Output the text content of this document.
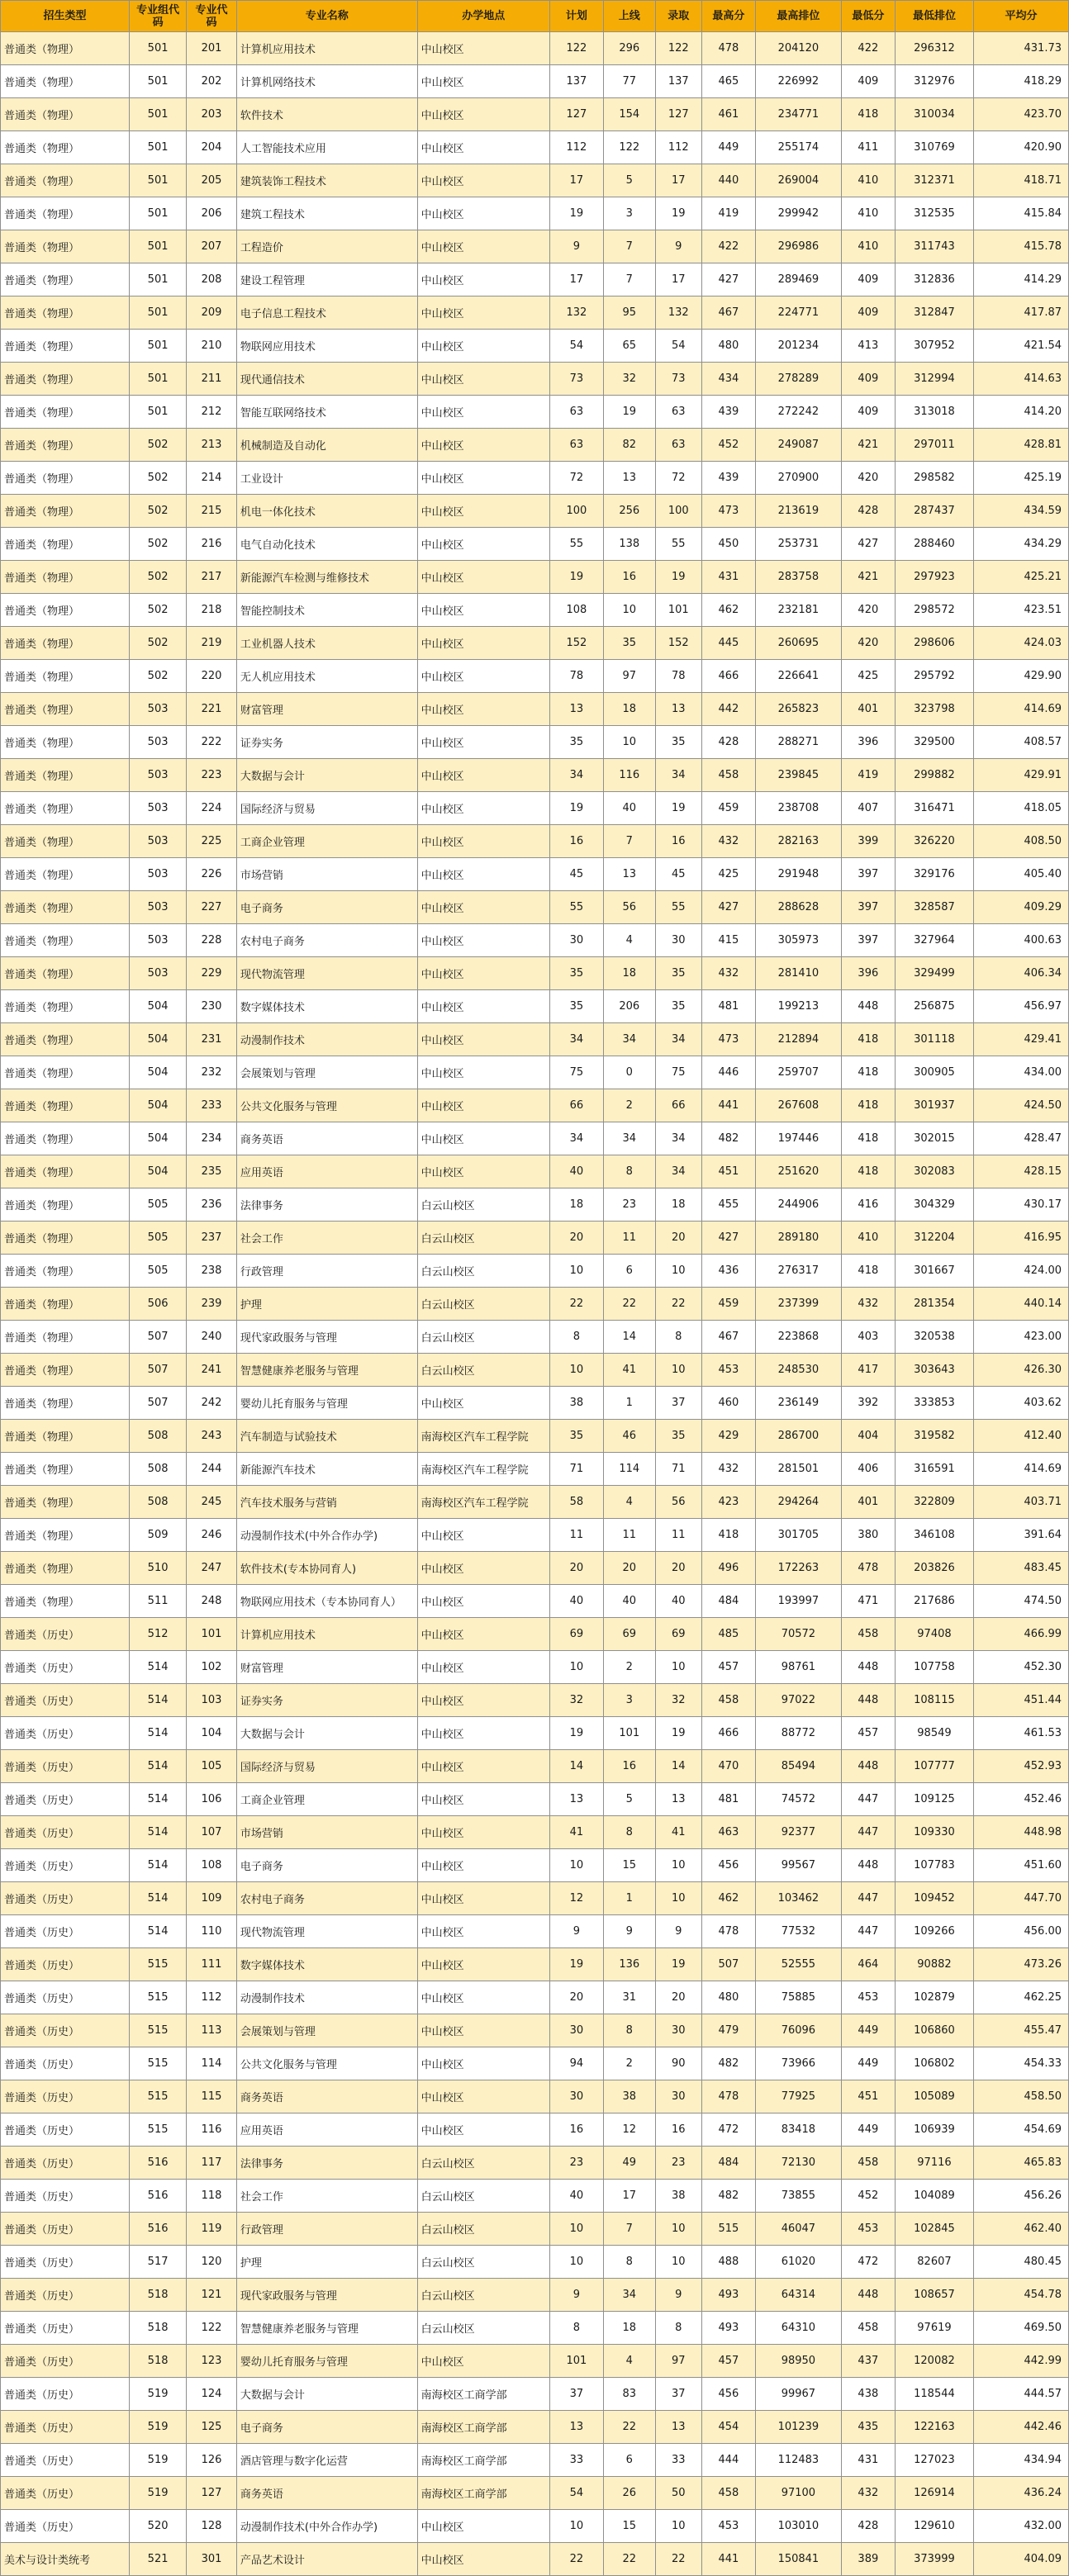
招生类型	专业组代码	专业代码	专业名称	办学地点	计划	上线	录取	最高分	最高排位	最低分	最低排位	平均分
普通类（物理）	501	201	计算机应用技术	中山校区	122	296	122	478	204120	422	296312	431.73
普通类（物理）	501	202	计算机网络技术	中山校区	137	77	137	465	226992	409	312976	418.29
普通类（物理）	501	203	软件技术	中山校区	127	154	127	461	234771	418	310034	423.70
普通类（物理）	501	204	人工智能技术应用	中山校区	112	122	112	449	255174	411	310769	420.90
普通类（物理）	501	205	建筑装饰工程技术	中山校区	17	5	17	440	269004	410	312371	418.71
普通类（物理）	501	206	建筑工程技术	中山校区	19	3	19	419	299942	410	312535	415.84
普通类（物理）	501	207	工程造价	中山校区	9	7	9	422	296986	410	311743	415.78
普通类（物理）	501	208	建设工程管理	中山校区	17	7	17	427	289469	409	312836	414.29
普通类（物理）	501	209	电子信息工程技术	中山校区	132	95	132	467	224771	409	312847	417.87
普通类（物理）	501	210	物联网应用技术	中山校区	54	65	54	480	201234	413	307952	421.54
普通类（物理）	501	211	现代通信技术	中山校区	73	32	73	434	278289	409	312994	414.63
普通类（物理）	501	212	智能互联网络技术	中山校区	63	19	63	439	272242	409	313018	414.20
普通类（物理）	502	213	机械制造及自动化	中山校区	63	82	63	452	249087	421	297011	428.81
普通类（物理）	502	214	工业设计	中山校区	72	13	72	439	270900	420	298582	425.19
普通类（物理）	502	215	机电一体化技术	中山校区	100	256	100	473	213619	428	287437	434.59
普通类（物理）	502	216	电气自动化技术	中山校区	55	138	55	450	253731	427	288460	434.29
普通类（物理）	502	217	新能源汽车检测与维修技术	中山校区	19	16	19	431	283758	421	297923	425.21
普通类（物理）	502	218	智能控制技术	中山校区	108	10	101	462	232181	420	298572	423.51
普通类（物理）	502	219	工业机器人技术	中山校区	152	35	152	445	260695	420	298606	424.03
普通类（物理）	502	220	无人机应用技术	中山校区	78	97	78	466	226641	425	295792	429.90
普通类（物理）	503	221	财富管理	中山校区	13	18	13	442	265823	401	323798	414.69
普通类（物理）	503	222	证券实务	中山校区	35	10	35	428	288271	396	329500	408.57
普通类（物理）	503	223	大数据与会计	中山校区	34	116	34	458	239845	419	299882	429.91
普通类（物理）	503	224	国际经济与贸易	中山校区	19	40	19	459	238708	407	316471	418.05
普通类（物理）	503	225	工商企业管理	中山校区	16	7	16	432	282163	399	326220	408.50
普通类（物理）	503	226	市场营销	中山校区	45	13	45	425	291948	397	329176	405.40
普通类（物理）	503	227	电子商务	中山校区	55	56	55	427	288628	397	328587	409.29
普通类（物理）	503	228	农村电子商务	中山校区	30	4	30	415	305973	397	327964	400.63
普通类（物理）	503	229	现代物流管理	中山校区	35	18	35	432	281410	396	329499	406.34
普通类（物理）	504	230	数字媒体技术	中山校区	35	206	35	481	199213	448	256875	456.97
普通类（物理）	504	231	动漫制作技术	中山校区	34	34	34	473	212894	418	301118	429.41
普通类（物理）	504	232	会展策划与管理	中山校区	75	0	75	446	259707	418	300905	434.00
普通类（物理）	504	233	公共文化服务与管理	中山校区	66	2	66	441	267608	418	301937	424.50
普通类（物理）	504	234	商务英语	中山校区	34	34	34	482	197446	418	302015	428.47
普通类（物理）	504	235	应用英语	中山校区	40	8	34	451	251620	418	302083	428.15
普通类（物理）	505	236	法律事务	白云山校区	18	23	18	455	244906	416	304329	430.17
普通类（物理）	505	237	社会工作	白云山校区	20	11	20	427	289180	410	312204	416.95
普通类（物理）	505	238	行政管理	白云山校区	10	6	10	436	276317	418	301667	424.00
普通类（物理）	506	239	护理	白云山校区	22	22	22	459	237399	432	281354	440.14
普通类（物理）	507	240	现代家政服务与管理	白云山校区	8	14	8	467	223868	403	320538	423.00
普通类（物理）	507	241	智慧健康养老服务与管理	白云山校区	10	41	10	453	248530	417	303643	426.30
普通类（物理）	507	242	婴幼儿托育服务与管理	中山校区	38	1	37	460	236149	392	333853	403.62
普通类（物理）	508	243	汽车制造与试验技术	南海校区汽车工程学院	35	46	35	429	286700	404	319582	412.40
普通类（物理）	508	244	新能源汽车技术	南海校区汽车工程学院	71	114	71	432	281501	406	316591	414.69
普通类（物理）	508	245	汽车技术服务与营销	南海校区汽车工程学院	58	4	56	423	294264	401	322809	403.71
普通类（物理）	509	246	动漫制作技术(中外合作办学)	中山校区	11	11	11	418	301705	380	346108	391.64
普通类（物理）	510	247	软件技术(专本协同育人)	中山校区	20	20	20	496	172263	478	203826	483.45
普通类（物理）	511	248	物联网应用技术（专本协同育人）	中山校区	40	40	40	484	193997	471	217686	474.50
普通类（历史）	512	101	计算机应用技术	中山校区	69	69	69	485	70572	458	97408	466.99
普通类（历史）	514	102	财富管理	中山校区	10	2	10	457	98761	448	107758	452.30
普通类（历史）	514	103	证券实务	中山校区	32	3	32	458	97022	448	108115	451.44
普通类（历史）	514	104	大数据与会计	中山校区	19	101	19	466	88772	457	98549	461.53
普通类（历史）	514	105	国际经济与贸易	中山校区	14	16	14	470	85494	448	107777	452.93
普通类（历史）	514	106	工商企业管理	中山校区	13	5	13	481	74572	447	109125	452.46
普通类（历史）	514	107	市场营销	中山校区	41	8	41	463	92377	447	109330	448.98
普通类（历史）	514	108	电子商务	中山校区	10	15	10	456	99567	448	107783	451.60
普通类（历史）	514	109	农村电子商务	中山校区	12	1	10	462	103462	447	109452	447.70
普通类（历史）	514	110	现代物流管理	中山校区	9	9	9	478	77532	447	109266	456.00
普通类（历史）	515	111	数字媒体技术	中山校区	19	136	19	507	52555	464	90882	473.26
普通类（历史）	515	112	动漫制作技术	中山校区	20	31	20	480	75885	453	102879	462.25
普通类（历史）	515	113	会展策划与管理	中山校区	30	8	30	479	76096	449	106860	455.47
普通类（历史）	515	114	公共文化服务与管理	中山校区	94	2	90	482	73966	449	106802	454.33
普通类（历史）	515	115	商务英语	中山校区	30	38	30	478	77925	451	105089	458.50
普通类（历史）	515	116	应用英语	中山校区	16	12	16	472	83418	449	106939	454.69
普通类（历史）	516	117	法律事务	白云山校区	23	49	23	484	72130	458	97116	465.83
普通类（历史）	516	118	社会工作	白云山校区	40	17	38	482	73855	452	104089	456.26
普通类（历史）	516	119	行政管理	白云山校区	10	7	10	515	46047	453	102845	462.40
普通类（历史）	517	120	护理	白云山校区	10	8	10	488	61020	472	82607	480.45
普通类（历史）	518	121	现代家政服务与管理	白云山校区	9	34	9	493	64314	448	108657	454.78
普通类（历史）	518	122	智慧健康养老服务与管理	白云山校区	8	18	8	493	64310	458	97619	469.50
普通类（历史）	518	123	婴幼儿托育服务与管理	中山校区	101	4	97	457	98950	437	120082	442.99
普通类（历史）	519	124	大数据与会计	南海校区工商学部	37	83	37	456	99967	438	118544	444.57
普通类（历史）	519	125	电子商务	南海校区工商学部	13	22	13	454	101239	435	122163	442.46
普通类（历史）	519	126	酒店管理与数字化运营	南海校区工商学部	33	6	33	444	112483	431	127023	434.94
普通类（历史）	519	127	商务英语	南海校区工商学部	54	26	50	458	97100	432	126914	436.24
普通类（历史）	520	128	动漫制作技术(中外合作办学)	中山校区	10	15	10	453	103010	428	129610	432.00
美术与设计类统考	521	301	产品艺术设计	中山校区	22	22	22	441	150841	389	373999	404.09
